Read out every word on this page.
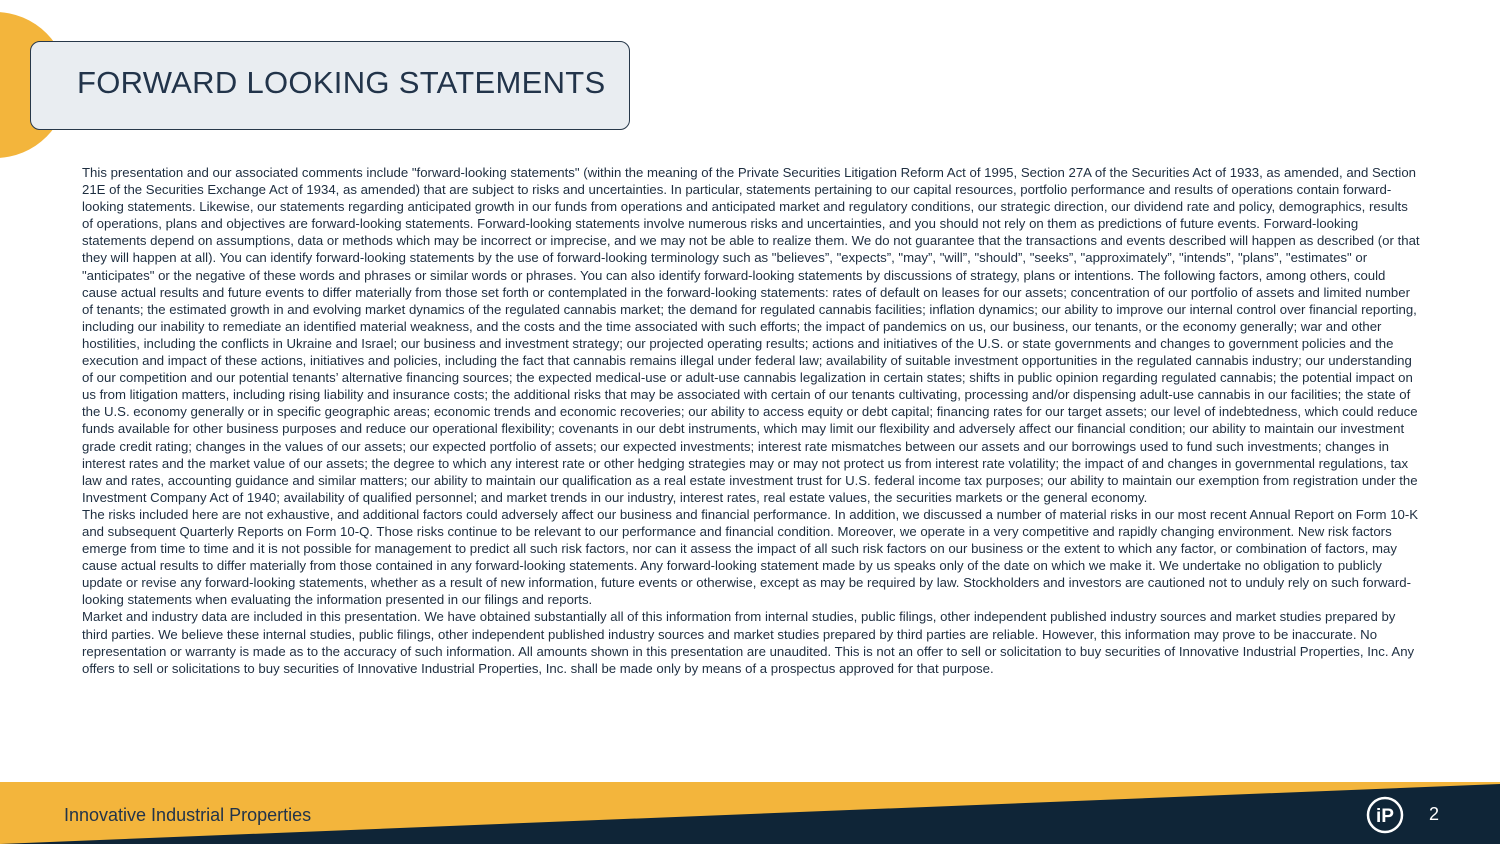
FORWARD LOOKING STATEMENTS

This presentation and our associated comments include "forward-looking statements" (within the meaning of the Private Securities Litigation Reform Act of 1995, Section 27A of the Securities Act of 1933, as amended, and Section 21E of the Securities Exchange Act of 1934, as amended) that are subject to risks and uncertainties. In particular, statements pertaining to our capital resources, portfolio performance and results of operations contain forward-looking statements. Likewise, our statements regarding anticipated growth in our funds from operations and anticipated market and regulatory conditions, our strategic direction, our dividend rate and policy, demographics, results of operations, plans and objectives are forward-looking statements. Forward-looking statements involve numerous risks and uncertainties, and you should not rely on them as predictions of future events. Forward-looking statements depend on assumptions, data or methods which may be incorrect or imprecise, and we may not be able to realize them. We do not guarantee that the transactions and events described will happen as described (or that they will happen at all). You can identify forward-looking statements by the use of forward-looking terminology such as "believes”, "expects”, "may”, "will”, "should”, "seeks”, "approximately”, "intends”, "plans”, "estimates" or "anticipates" or the negative of these words and phrases or similar words or phrases. You can also identify forward-looking statements by discussions of strategy, plans or intentions. The following factors, among others, could cause actual results and future events to differ materially from those set forth or contemplated in the forward-looking statements: rates of default on leases for our assets; concentration of our portfolio of assets and limited number of tenants; the estimated growth in and evolving market dynamics of the regulated cannabis market; the demand for regulated cannabis facilities; inflation dynamics; our ability to improve our internal control over financial reporting, including our inability to remediate an identified material weakness, and the costs and the time associated with such efforts; the impact of pandemics on us, our business, our tenants, or the economy generally; war and other hostilities, including the conflicts in Ukraine and Israel; our business and investment strategy; our projected operating results; actions and initiatives of the U.S. or state governments and changes to government policies and the execution and impact of these actions, initiatives and policies, including the fact that cannabis remains illegal under federal law; availability of suitable investment opportunities in the regulated cannabis industry; our understanding of our competition and our potential tenants’ alternative financing sources; the expected medical-use or adult-use cannabis legalization in certain states; shifts in public opinion regarding regulated cannabis; the potential impact on us from litigation matters, including rising liability and insurance costs; the additional risks that may be associated with certain of our tenants cultivating, processing and/or dispensing adult-use cannabis in our facilities; the state of the U.S. economy generally or in specific geographic areas; economic trends and economic recoveries; our ability to access equity or debt capital; financing rates for our target assets; our level of indebtedness, which could reduce funds available for other business purposes and reduce our operational flexibility; covenants in our debt instruments, which may limit our flexibility and adversely affect our financial condition; our ability to maintain our investment grade credit rating; changes in the values of our assets; our expected portfolio of assets; our expected investments; interest rate mismatches between our assets and our borrowings used to fund such investments; changes in interest rates and the market value of our assets; the degree to which any interest rate or other hedging strategies may or may not protect us from interest rate volatility; the impact of and changes in governmental regulations, tax law and rates, accounting guidance and similar matters; our ability to maintain our qualification as a real estate investment trust for U.S. federal income tax purposes; our ability to maintain our exemption from registration under the Investment Company Act of 1940; availability of qualified personnel; and market trends in our industry, interest rates, real estate values, the securities markets or the general economy.

The risks included here are not exhaustive, and additional factors could adversely affect our business and financial performance. In addition, we discussed a number of material risks in our most recent Annual Report on Form 10-K and subsequent Quarterly Reports on Form 10-Q. Those risks continue to be relevant to our performance and financial condition. Moreover, we operate in a very competitive and rapidly changing environment. New risk factors emerge from time to time and it is not possible for management to predict all such risk factors, nor can it assess the impact of all such risk factors on our business or the extent to which any factor, or combination of factors, may cause actual results to differ materially from those contained in any forward-looking statements. Any forward-looking statement made by us speaks only of the date on which we make it. We undertake no obligation to publicly update or revise any forward-looking statements, whether as a result of new information, future events or otherwise, except as may be required by law. Stockholders and investors are cautioned not to unduly rely on such forward-looking statements when evaluating the information presented in our filings and reports.

Market and industry data are included in this presentation. We have obtained substantially all of this information from internal studies, public filings, other independent published industry sources and market studies prepared by third parties. We believe these internal studies, public filings, other independent published industry sources and market studies prepared by third parties are reliable. However, this information may prove to be inaccurate. No representation or warranty is made as to the accuracy of such information. All amounts shown in this presentation are unaudited. This is not an offer to sell or solicitation to buy securities of Innovative Industrial Properties, Inc. Any offers to sell or solicitations to buy securities of Innovative Industrial Properties, Inc. shall be made only by means of a prospectus approved for that purpose.

Innovative Industrial Properties	iP 2
